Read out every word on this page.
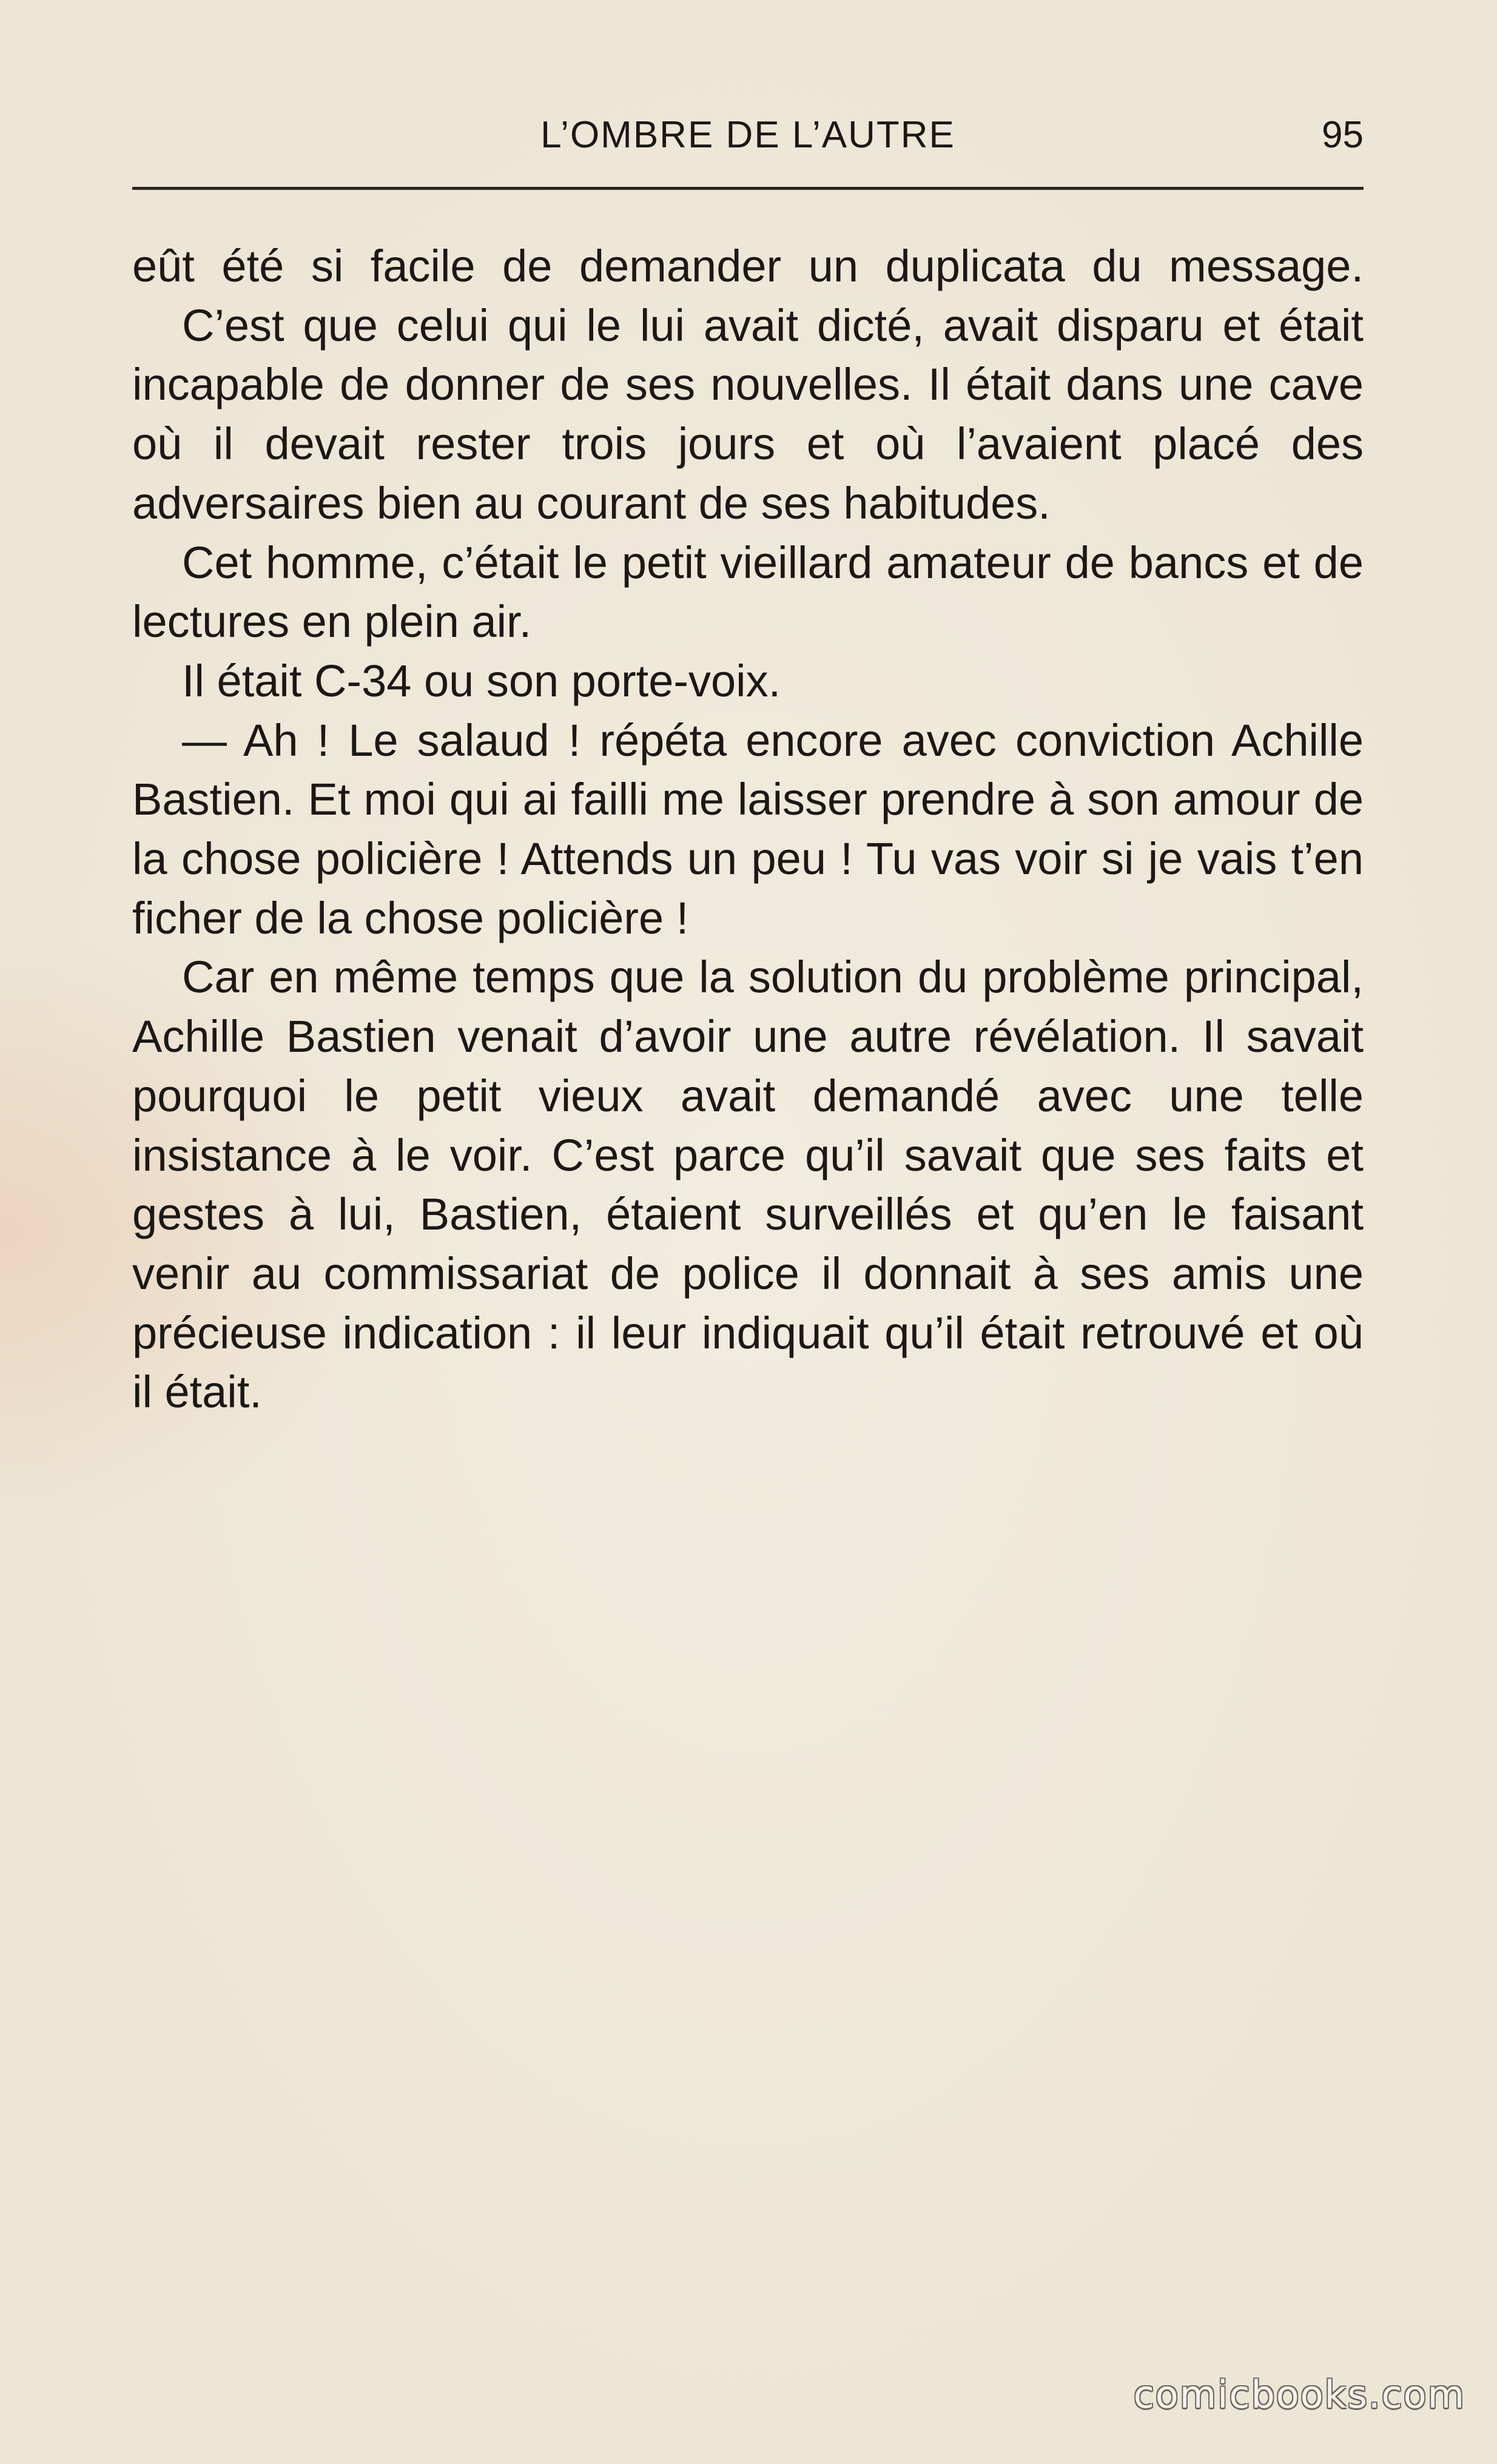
L’OMBRE DE L’AUTRE	95

eût été si facile de demander un duplicata du message.

C’est que celui qui le lui avait dicté, avait disparu et était incapable de donner de ses nouvelles. Il était dans une cave où il devait rester trois jours et où l’avaient placé des adversaires bien au courant de ses habitudes.

Cet homme, c’était le petit vieillard amateur de bancs et de lectures en plein air.

Il était C-34 ou son porte-voix.

— Ah ! Le salaud ! répéta encore avec conviction Achille Bastien. Et moi qui ai failli me laisser prendre à son amour de la chose policière ! Attends un peu ! Tu vas voir si je vais t’en ficher de la chose policière !

Car en même temps que la solution du problème principal, Achille Bastien venait d’avoir une autre révélation. Il savait pourquoi le petit vieux avait demandé avec une telle insistance à le voir. C’est parce qu’il savait que ses faits et gestes à lui, Bastien, étaient surveillés et qu’en le faisant venir au commissariat de police il donnait à ses amis une précieuse indication : il leur indiquait qu’il était retrouvé et où il était.

comicbooks.com
